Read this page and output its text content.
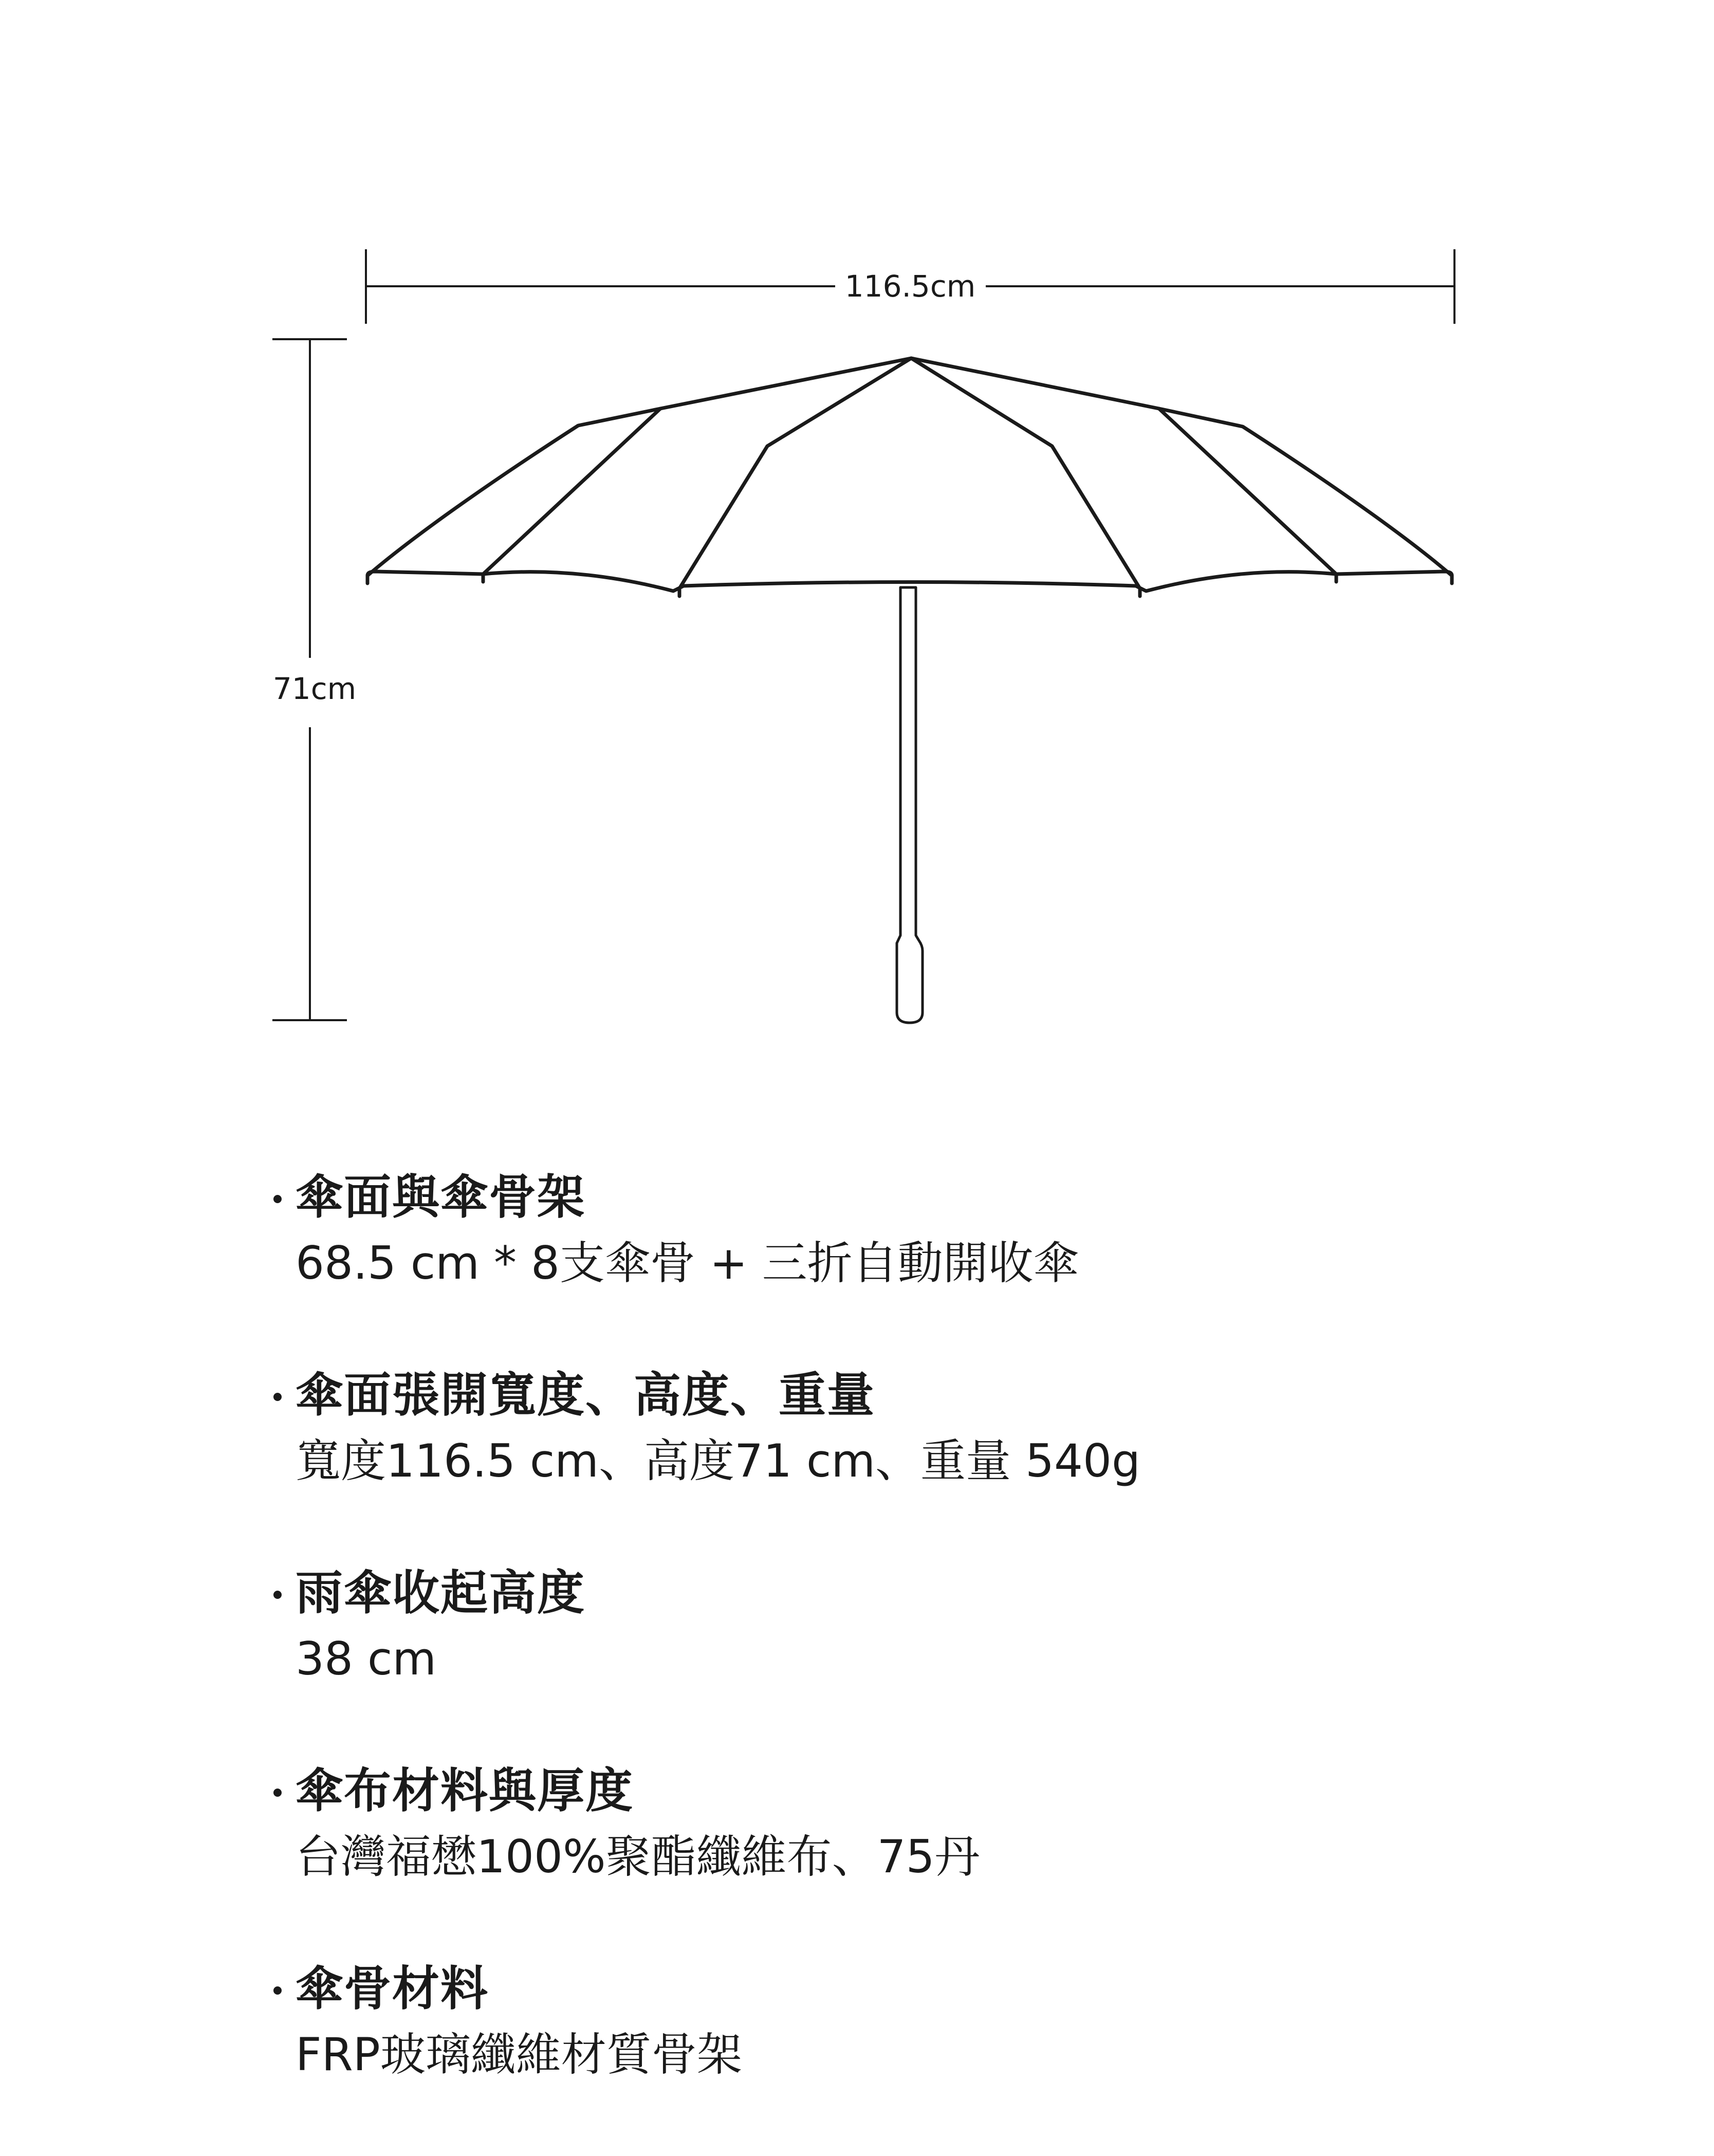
116.5cm
71cm
傘面與傘骨架
68.5 cm * 8支傘骨 + 三折自動開收傘
傘面張開寬度、高度、重量
寬度116.5 cm、高度71 cm、重量 540g
雨傘收起高度
38 cm
傘布材料與厚度
台灣福懋100%聚酯纖維布、75丹
傘骨材料
FRP玻璃纖維材質骨架
